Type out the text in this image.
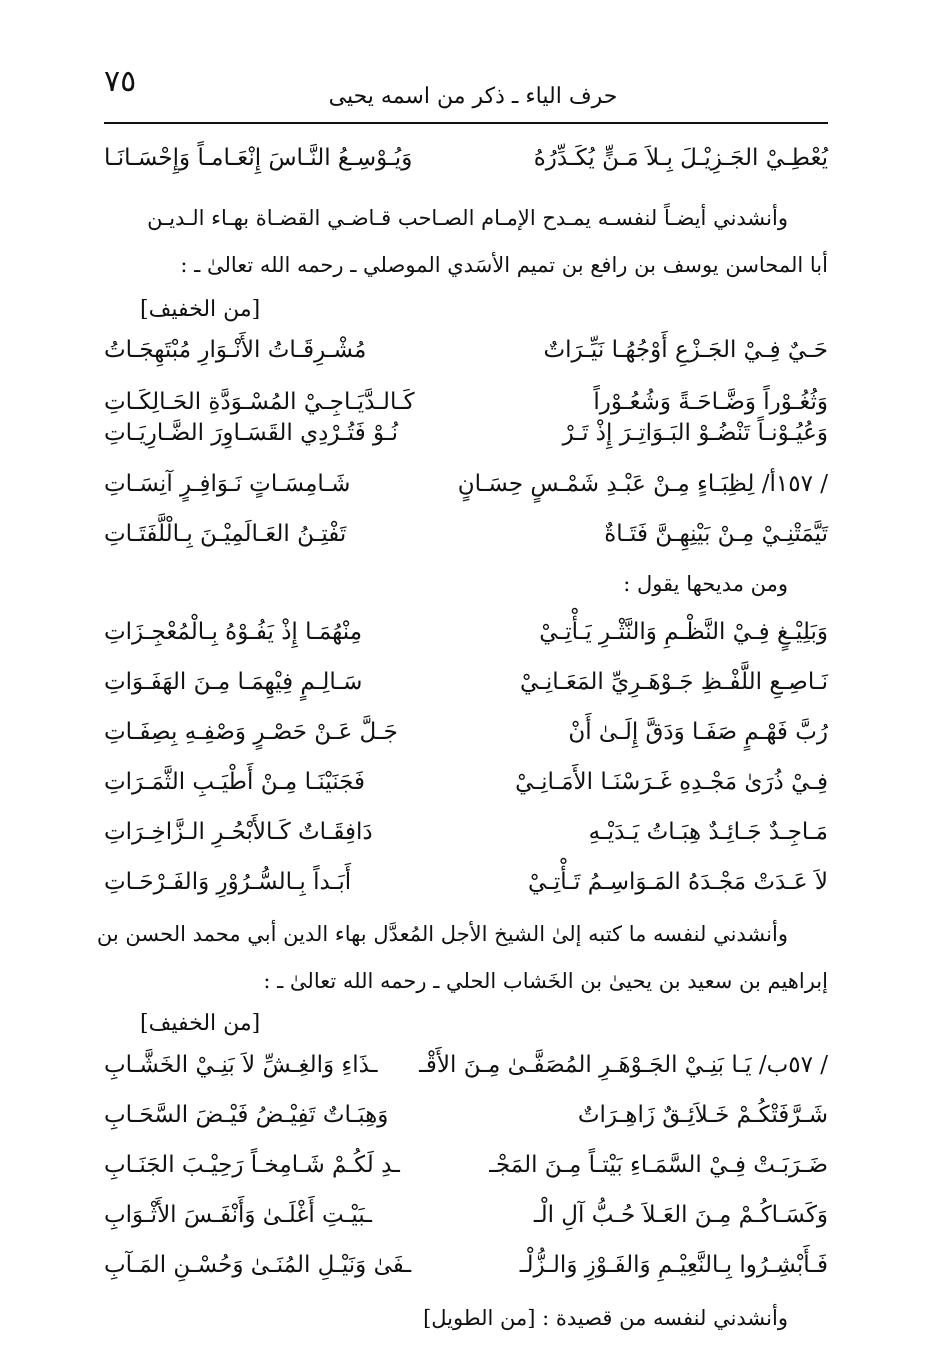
٧٥	حرف الياء ـ ذكر من اسمه يحيى
يُعْطِـيْ الجَـزِيْـلَ بِـلاَ مَـنٍّ يُكَـدِّرُهُ
وَيُـوْسِـعُ النَّـاسَ إِنْعَـامـاً وَإِحْسَـانَـا
وأنشدني أيضـاً لنفسـه يمـدح الإمـام الصـاحب قـاضـي القضـاة بهـاء الـديـن
أبا المحاسن يوسف بن رافع بن تميم الأسَدي الموصلي ـ رحمه الله تعالىٰ ـ :
[من الخفيف]
حَـيٌ فِـيْ الجَـزْعِ أَوْجُهُـا نَيِّـرَاتٌ
مُشْـرِقَـاتُ الأَنْـوَارِ مُبْتَهِجَـاتُ
وَثُغُـوْراً وَضَّـاحَـةً وَشُعُـوْراً
كَـالـدَّيَـاجِـيْ المُسْـوَدَّةِ الحَـالِكَـاتِ
وَعُيُـوْنـاً تَنْضُـوْ البَـوَاتِـرَ إِذْ تَـرْ
نُـوْ فَتُـرْدِي القَسَـاوِرَ الضَّـارِيَـاتِ
/ ١٥٧أ/ لِظِبَـاءٍ مِـنْ عَبْـدِ شَمْـسٍ حِسَـانٍ
شَـامِسَـاتٍ نَـوَافِـرٍ آنِسَـاتِ
تَيَّمَتْنِـيْ مِـنْ بَيْنِهِـنَّ فَتَـاةٌ
تَفْتِـنُ العَـالَمِيْـنَ بِـالْلَّفَتَـاتِ
ومن مديحها يقول :
وَبَلِيْـغٍ فِـيْ النَّظْـمِ وَالنَّثْـرِ يَـأْتِـيْ
مِنْهُمَـا إِذْ يَفُـوْهُ بِـالْمُعْجِـزَاتِ
نَـاصِـعِ اللَّفْـظِ جَـوْهَـرِيِّ المَعَـانِـيْ
سَـالِـمٍ فِيْهِمَـا مِـنَ الهَفَـوَاتِ
رُبَّ فَهْـمٍ صَفَـا وَدَقَّ إِلَـىٰ أَنْ
جَـلَّ عَـنْ حَصْـرٍ وَصْفِـهِ بِصِفَـاتِ
فِـيْ ذُرَىٰ مَجْـدِهِ غَـرَسْنَـا الأَمَـانِـيْ
فَجَنَيْنَـا مِـنْ أَطْيَـبِ الثَّمَـرَاتِ
مَـاجِـدٌ جَـائِـدٌ هِبَـاتُ يَـدَيْـهِ
دَافِقَـاتٌ كَـالأَبْحُـرِ الـزَّاخِـرَاتِ
لاَ عَـدَتْ مَجْـدَهُ المَـوَاسِـمُ تَـأْتِـيْ
أَبَـداً بِـالسُّـرُوْرِ وَالفَـرْحَـاتِ
وأنشدني لنفسه ما كتبه إلىٰ الشيخ الأجل المُعدَّل بهاء الدين أبي محمد الحسن بن
إبراهيم بن سعيد بن يحيىٰ بن الخَشاب الحلي ـ رحمه الله تعالىٰ ـ :
[من الخفيف]
/ ٥٧ب/ يَـا بَنِـيْ الجَـوْهَـرِ المُصَفَّـىٰ مِـنَ الأَقْـ
ـذَاءِ وَالغِـشِّ لاَ بَنِـيْ الخَشَّـابِ
شَـرَّفَتْكُـمْ خَـلاَئِـقٌ زَاهِـرَاتٌ
وَهِبَـاتٌ تَفِيْـضُ فَيْـضَ السَّحَـابِ
ضَـرَبَـتْ فِـيْ السَّمَـاءِ بَيْتـاً مِـنَ المَجْـ
ـدِ لَكُـمْ شَـامِخـاً رَحِيْـبَ الجَنَـابِ
وَكَسَـاكُـمْ مِـنَ العَـلاَ حُـبُّ آلِ الْـ
ـبَيْـتِ أَغْلَـىٰ وَأَنْفَـسَ الأَثْـوَابِ
فَـأَبْشِـرُوا بِـالنَّعِيْـمِ وَالفَـوْزِ وَالـزُّلْـ
ـفَىٰ وَنَيْـلِ المُنَـىٰ وَحُسْـنِ المَـآبِ
وأنشدني لنفسه من قصيدة : [من الطويل]
